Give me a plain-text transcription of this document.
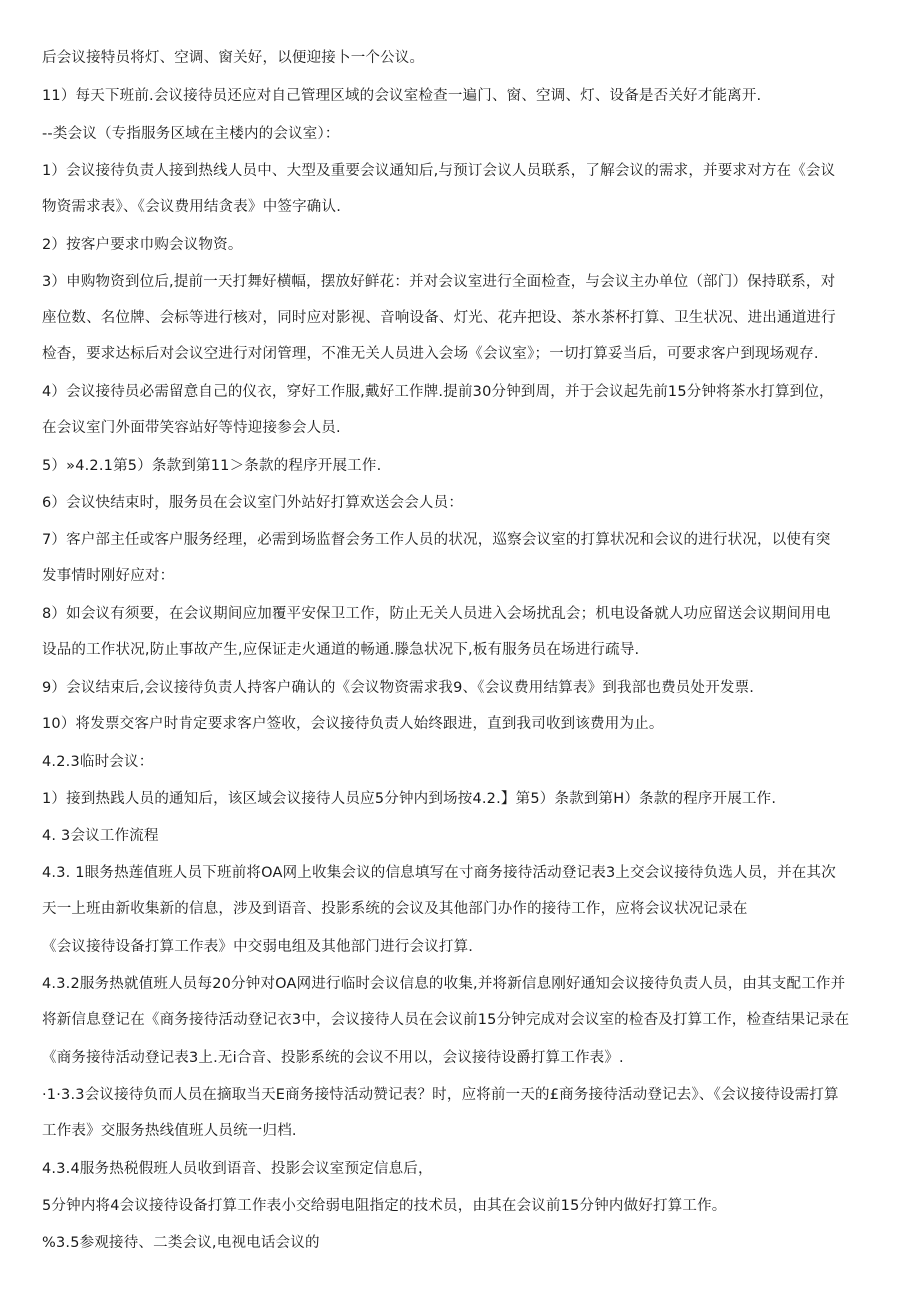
后会议接特员将灯、空调、窗关好，以便迎接卜一个公议。
11）每天下班前.会议接待员还应对自己管理区域的会议室检查一遍门、窗、空调、灯、设备是否关好才能离开.
--类会议（专指服务区域在主楼内的会议室）：
1）会议接待负责人接到热线人员中、大型及重要会议通知后,与预订会议人员联系，了解会议的需求，并要求对方在《会议
物资需求表》、《会议费用结贪表》中签字确认.
2）按客户要求巾购会议物资。
3）申购物资到位后,提前一天打舞好横幅，摆放好鲜花：并对会议室进行全面检查，与会议主办单位（部门）保持联系，对
座位数、名位牌、会标等进行核对，同时应对影视、音响设备、灯光、花卉把设、茶水茶杯打算、卫生状况、进出通道进行
检杳，要求达标后对会议空进行对闭管理，不准无关人员进入会场《会议室》；一切打算妥当后，可要求客户到现场观存.
4）会议接待员必需留意自己的仪衣，穿好工作服,戴好工作牌.提前30分钟到周，并于会议起先前15分钟将茶水打算到位，
在会议室门外面带笑容站好等恃迎接参会人员.
5）»4.2.1第5）条款到第11＞条款的程序开展工作.
6）会议快结束时，服务员在会议室门外站好打算欢送会会人员：
7）客户部主任或客户服务经理，必需到场监督会务工作人员的状况，巡察会议室的打算状况和会议的进行状况，以使有突
发事情时刚好应对：
8）如会议有须要，在会议期间应加覆平安保卫工作，防止无关人员进入会场扰乱会；机电设备就人功应留送会议期间用电
设品的工作状况,防止事故产生,应保证走火通道的畅通.滕急状况下,板有服务员在场进行疏导.
9）会议结束后,会议接待负责人持客户确认的《会议物资需求我9、《会议费用结算表》到我部也费员处开发票.
10）将发票交客户时肯定要求客户签收，会议接待负责人始终跟进，直到我司收到该费用为止。
4.2.3临时会议：
1）接到热践人员的通知后，该区域会议接待人员应5分钟内到场按4.2.】第5）条款到第H）条款的程序开展工作.
4. 3会议工作流程
4.3. 1眼务热莲值班人员下班前将OA网上收集会议的信息填写在寸商务接待活动登记表3上交会议接待负选人员，并在其次
天一上班由新收集新的信息，涉及到语音、投影系统的会议及其他部门办作的接待工作，应将会议状况记录在
《会议接待设备打算工作表》中交弱电组及其他部门进行会议打算.
4.3.2服务热就值班人员每20分钟对OA网进行临时会议信息的收集,并将新信息刚好通知会议接待负责人员，由其支配工作并
将新信息登记在《商务接待活动登记衣3中，会议接待人员在会议前15分钟完成对会议室的检杳及打算工作，检查结果记录在
《商务接待活动登记表3上.无i合音、投影系统的会议不用以，会议接待设爵打算工作表》.
·1·3.3会议接待负而人员在摘取当天E商务接恃活动赞记表？时，应将前一天的£商务接待活动登记去》、《会议接待设需打算
工作表》交服务热线值班人员统一归档.
4.3.4服务热税假班人员收到语音、投影会议室预定信息后，
5分钟内将4会议接待设备打算工作表小交给弱电阻指定的技术员，由其在会议前15分钟内做好打算工作。
%3.5参观接待、二类会议,电视电话会议的
